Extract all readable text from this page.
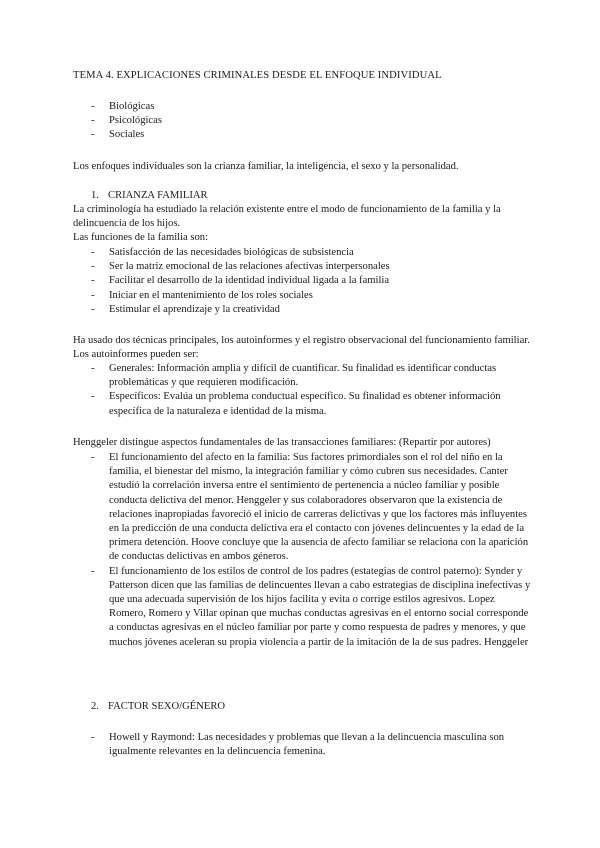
TEMA 4. EXPLICACIONES CRIMINALES DESDE EL ENFOQUE INDIVIDUAL

- Biológicas
- Psicológicas
- Sociales

Los enfoques individuales son la crianza familiar, la inteligencia, el sexo y la personalidad.

1. CRIANZA FAMILIAR
La criminología ha estudiado la relación existente entre el modo de funcionamiento de la familia y la delincuencia de los hijos.
Las funciones de la familia son:
- Satisfacción de las necesidades biológicas de subsistencia
- Ser la matriz emocional de las relaciones afectivas interpersonales
- Facilitar el desarrollo de la identidad individual ligada a la familia
- Iniciar en el mantenimiento de los roles sociales
- Estimular el aprendizaje y la creatividad

Ha usado dos técnicas principales, los autoinformes y el registro observacional del funcionamiento familiar. Los autoinformes pueden ser:

- Generales: Información amplia y difícil de cuantificar. Su finalidad es identificar conductas problemáticas y que requieren modificación.
- Específicos: Evalúa un problema conductual específico. Su finalidad es obtener información específica de la naturaleza e identidad de la misma.

Henggeler distingue aspectos fundamentales de las transacciones familiares: (Repartir por autores)

- El funcionamiento del afecto en la familia: Sus factores primordiales son el rol del niño en la familia, el bienestar del mismo, la integración familiar y cómo cubren sus necesidades. Canter estudió la correlación inversa entre el sentimiento de pertenencia a núcleo familiar y posible conducta delictiva del menor. Henggeler y sus colaboradores observaron que la existencia de relaciones inapropiadas favoreció el inicio de carreras delictivas y que los factores más influyentes en la predicción de una conducta delictiva era el contacto con jóvenes delincuentes y la edad de la primera detención. Hoove concluye que la ausencia de afecto familiar se relaciona con la aparición de conductas delictivas en ambos géneros.
- El funcionamiento de los estilos de control de los padres (estategias de control paterno): Synder y Patterson dicen que las familias de delincuentes llevan a cabo estrategias de disciplina inefectivas y que una adecuada supervisión de los hijos facilita y evita o corrige estilos agresivos. Lopez Romero, Romero y Villar opinan que muchas conductas agresivas en el entorno social corresponde a conductas agresivas en el núcleo familiar por parte y como respuesta de padres y menores, y que muchos jóvenes aceleran su propia violencia a partir de la imitación de la de sus padres. Henggeler
2. FACTOR SEXO/GÉNERO
- Howell y Raymond: Las necesidades y problemas que llevan a la delincuencia masculina son igualmente relevantes en la delincuencia femenina.
